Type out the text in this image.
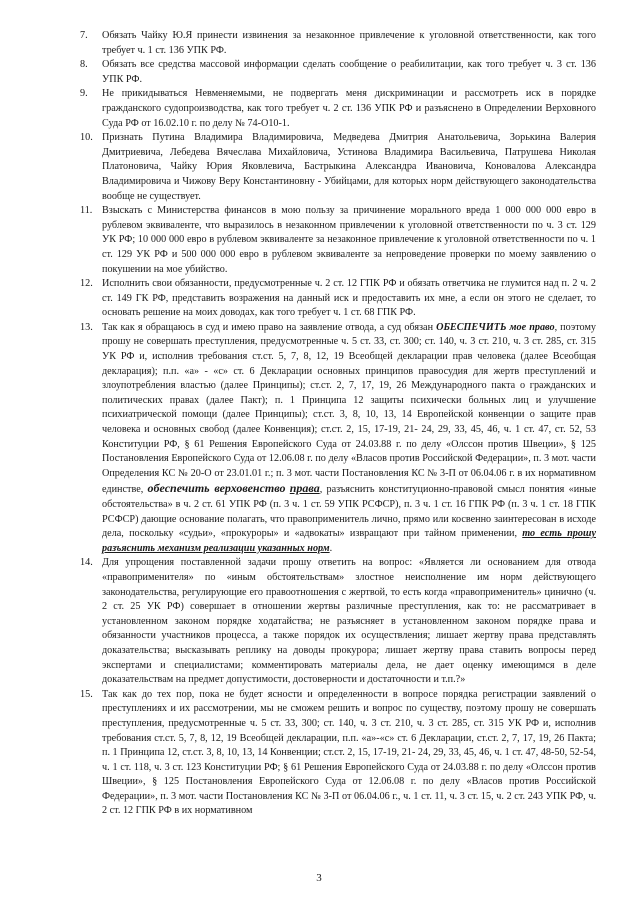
7.	Обязать Чайку Ю.Я принести извинения за незаконное привлечение к уголовной ответственности, как того требует ч. 1 ст. 136 УПК РФ.
8.	Обязать все средства массовой информации сделать сообщение о реабилитации, как того требует ч. 3 ст. 136 УПК РФ.
9.	Не прикидываться Невменяемыми, не подвергать меня дискриминации и рассмотреть иск в порядке гражданского судопроизводства, как того требует ч. 2 ст. 136 УПК РФ и разъяснено в Определении Верховного Суда РФ от 16.02.10 г. по делу № 74-О10-1.
10. Признать Путина Владимира Владимировича, Медведева Дмитрия Анатольевича, Зорькина Валерия Дмитриевича, Лебедева Вячеслава Михайловича, Устинова Владимира Васильевича, Патрушева Николая Платоновича, Чайку Юрия Яковлевича, Бастрыкина Александра Ивановича, Коновалова Александра Владимировича и Чижову Веру Константиновну - Убийцами, для которых норм действующего законодательства вообще не существует.
11. Взыскать с Министерства финансов в мою пользу за причинение морального вреда 1 000 000 000 евро в рублевом эквиваленте, что выразилось в незаконном привлечении к уголовной ответственности по ч. 3 ст. 129 УК РФ; 10 000 000 евро в рублевом эквиваленте за незаконное привлечение к уголовной ответственности по ч. 1 ст. 129 УК РФ и 500 000 000 евро в рублевом эквиваленте за непроведение проверки по моему заявлению о покушении на мое убийство.
12. Исполнить свои обязанности, предусмотренные ч. 2 ст. 12 ГПК РФ и обязать ответчика не глумится над п. 2 ч. 2 ст. 149 ГК РФ, представить возражения на данный иск и предоставить их мне, а если он этого не сделает, то основать решение на моих доводах, как того требует ч. 1 ст. 68 ГПК РФ.
13. Так как я обращаюсь в суд и имею право на заявление отвода, а суд обязан ОБЕСПЕЧИТЬ мое право, поэтому прошу не совершать преступления, предусмотренные ч. 5 ст. 33, ст. 300; ст. 140, ч. 3 ст. 210, ч. 3 ст. 285, ст. 315 УК РФ и, исполнив требования ст.ст. 5, 7, 8, 12, 19 Всеобщей декларации прав человека (далее Всеобщая декларация); п.п. «а» - «с» ст. 6 Декларации основных принципов правосудия для жертв преступлений и злоупотребления властью (далее Принципы); ст.ст. 2, 7, 17, 19, 26 Международного пакта о гражданских и политических правах (далее Пакт); п. 1 Принципа 12 защиты психически больных лиц и улучшение психиатрической помощи (далее Принципы); ст.ст. 3, 8, 10, 13, 14 Европейской конвенции о защите прав человека и основных свобод (далее Конвенция); ст.ст. 2, 15, 17-19, 21- 24, 29, 33, 45, 46, ч. 1 ст. 47, ст. 52, 53 Конституции РФ, § 61 Решения Европейского Суда от 24.03.88 г. по делу «Олссон против Швеции», § 125 Постановления Европейского Суда от 12.06.08 г. по делу «Власов против Российской Федерации», п. 3 мот. части Определения КС № 20-О от 23.01.01 г.; п. 3 мот. части Постановления КС № 3-П от 06.04.06 г. в их нормативном единстве, обеспечить верховенство права, разъяснить конституционно-правовой смысл понятия «иные обстоятельства» в ч. 2 ст. 61 УПК РФ (п. 3 ч. 1 ст. 59 УПК РСФСР), п. 3 ч. 1 ст. 16 ГПК РФ (п. 3 ч. 1 ст. 18 ГПК РСФСР) дающие основание полагать, что правоприменитель лично, прямо или косвенно заинтересован в исходе дела, поскольку «судьи», «прокуроры» и «адвокаты» извращают при тайном применении, то есть прошу разъяснить механизм реализации указанных норм.
14. Для упрощения поставленной задачи прошу ответить на вопрос: «Является ли основанием для отвода «правоприменителя» по «иным обстоятельствам» злостное неисполнение им норм действующего законодательства, регулирующие его правоотношения с жертвой, то есть когда «правоприменитель» цинично (ч. 2 ст. 25 УК РФ) совершает в отношении жертвы различные преступления, как то: не рассматривает в установленном законом порядке ходатайства; не разъясняет в установленном законом порядке права и обязанности участников процесса, а также порядок их осуществления; лишает жертву права представлять доказательства; высказывать реплику на доводы прокурора; лишает жертву права ставить вопросы перед экспертами и специалистами; комментировать материалы дела, не дает оценку имеющимся в деле доказательствам на предмет допустимости, достоверности и достаточности и т.п.?»
15. Так как до тех пор, пока не будет ясности и определенности в вопросе порядка регистрации заявлений о преступлениях и их рассмотрении, мы не сможем решить и вопрос по существу, поэтому прошу не совершать преступления, предусмотренные ч. 5 ст. 33, 300; ст. 140, ч. 3 ст. 210, ч. 3 ст. 285, ст. 315 УК РФ и, исполнив требования ст.ст. 5, 7, 8, 12, 19 Всеобщей декларации, п.п. «а»-«с» ст. 6 Декларации, ст.ст. 2, 7, 17, 19, 26 Пакта; п. 1 Принципа 12, ст.ст. 3, 8, 10, 13, 14 Конвенции; ст.ст. 2, 15, 17-19, 21- 24, 29, 33, 45, 46, ч. 1 ст. 47, 48-50, 52-54, ч. 1 ст. 118, ч. 3 ст. 123 Конституции РФ; § 61 Решения Европейского Суда от 24.03.88 г. по делу «Олссон против Швеции», § 125 Постановления Европейского Суда от 12.06.08 г. по делу «Власов против Российской Федерации», п. 3 мот. части Постановления КС № 3-П от 06.04.06 г., ч. 1 ст. 11, ч. 3 ст. 15, ч. 2 ст. 243 УПК РФ, ч. 2 ст. 12 ГПК РФ в их нормативном
3
